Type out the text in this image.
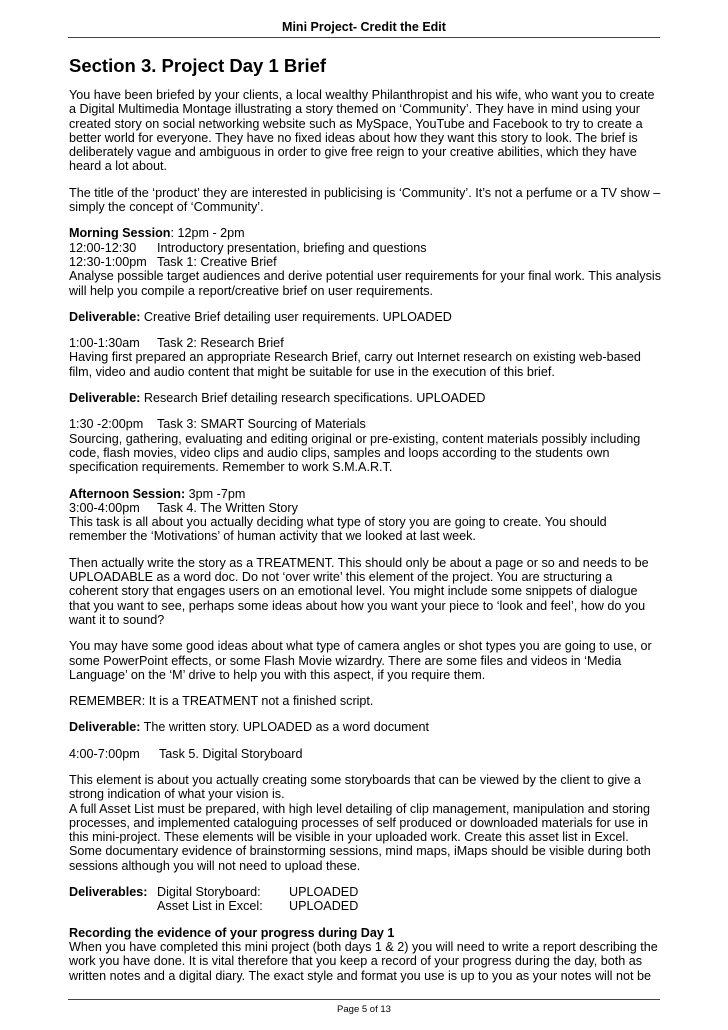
Mini Project- Credit the Edit
Section 3. Project Day 1 Brief

You have been briefed by your clients, a local wealthy Philanthropist and his wife, who want you to create a Digital Multimedia Montage illustrating a story themed on ‘Community’. They have in mind using your created story on social networking website such as MySpace, YouTube and Facebook to try to create a better world for everyone. They have no fixed ideas about how they want this story to look. The brief is deliberately vague and ambiguous in order to give free reign to your creative abilities, which they have heard a lot about.

The title of the ‘product’ they are interested in publicising is ‘Community’. It’s not a perfume or a TV show – simply the concept of ‘Community’.

Morning Session: 12pm - 2pm
12:00-12:30 Introductory presentation, briefing and questions
12:30-1:00pm Task 1: Creative Brief
Analyse possible target audiences and derive potential user requirements for your final work. This analysis will help you compile a report/creative brief on user requirements.

Deliverable: Creative Brief detailing user requirements. UPLOADED

1:00-1:30am Task 2: Research Brief
Having first prepared an appropriate Research Brief, carry out Internet research on existing web-based film, video and audio content that might be suitable for use in the execution of this brief.

Deliverable: Research Brief detailing research specifications. UPLOADED

1:30 -2:00pm Task 3: SMART Sourcing of Materials
Sourcing, gathering, evaluating and editing original or pre-existing, content materials possibly including code, flash movies, video clips and audio clips, samples and loops according to the students own specification requirements. Remember to work S.M.A.R.T.

Afternoon Session: 3pm -7pm
3:00-4:00pm Task 4. The Written Story
This task is all about you actually deciding what type of story you are going to create. You should remember the ‘Motivations’ of human activity that we looked at last week.

Then actually write the story as a TREATMENT. This should only be about a page or so and needs to be UPLOADABLE as a word doc. Do not ‘over write’ this element of the project. You are structuring a coherent story that engages users on an emotional level. You might include some snippets of dialogue that you want to see, perhaps some ideas about how you want your piece to ‘look and feel’, how do you want it to sound?

You may have some good ideas about what type of camera angles or shot types you are going to use, or some PowerPoint effects, or some Flash Movie wizardry. There are some files and videos in ‘Media Language’ on the ‘M’ drive to help you with this aspect, if you require them.

REMEMBER: It is a TREATMENT not a finished script.

Deliverable: The written story. UPLOADED as a word document

4:00-7:00pm Task 5. Digital Storyboard

This element is about you actually creating some storyboards that can be viewed by the client to give a strong indication of what your vision is.
A full Asset List must be prepared, with high level detailing of clip management, manipulation and storing processes, and implemented cataloguing processes of self produced or downloaded materials for use in this mini-project. These elements will be visible in your uploaded work. Create this asset list in Excel.
Some documentary evidence of brainstorming sessions, mind maps, iMaps should be visible during both sessions although you will not need to upload these.

Deliverables: Digital Storyboard: UPLOADED
Asset List in Excel: UPLOADED

Recording the evidence of your progress during Day 1
When you have completed this mini project (both days 1 & 2) you will need to write a report describing the work you have done. It is vital therefore that you keep a record of your progress during the day, both as written notes and a digital diary. The exact style and format you use is up to you as your notes will not be

Page 5 of 13
